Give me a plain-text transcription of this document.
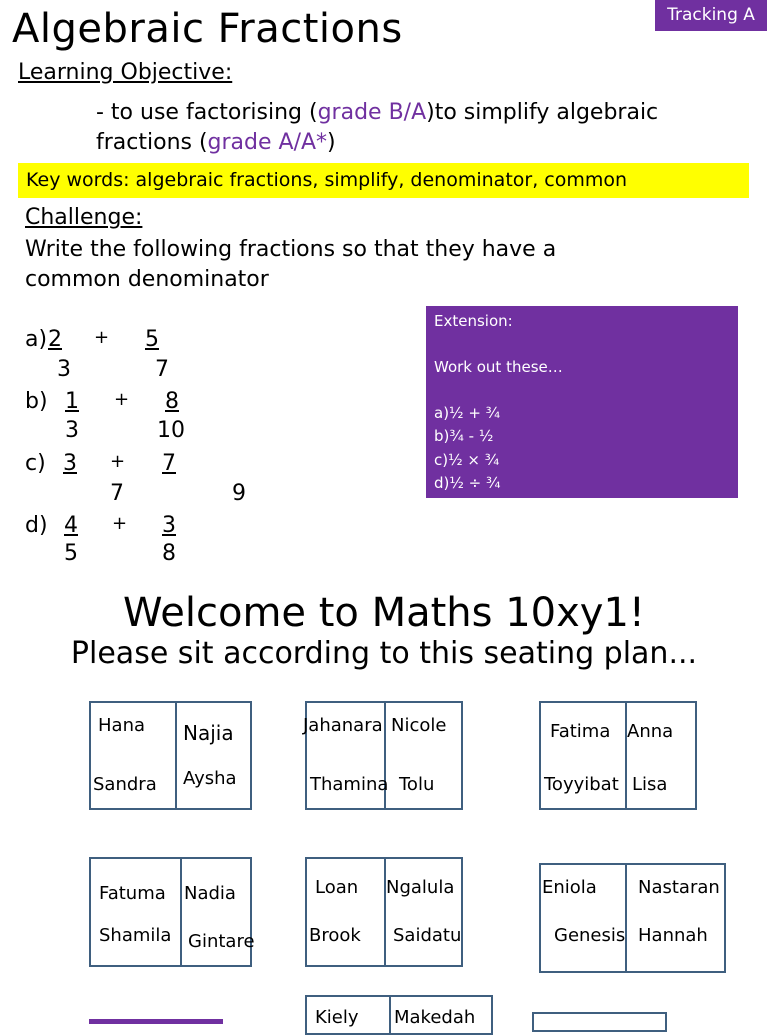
Algebraic Fractions	Tracking A
Learning Objective:
- to use factorising (grade B/A)to simplify algebraic
fractions (grade A/A*)
Key words: algebraic fractions, simplify, denominator, common
Challenge:
Write the following fractions so that they have a
common denominator
a) 2
3
+ 5
7
b) 1
3
+ 8
10
c) 3
7
+ 7
9
d) 4
5
+ 3
8
Extension:
Work out these…
a)½ + ¾
b)¾ - ½
c)½ × ¾
d)½ ÷ ¾
Welcome to Maths 10xy1!
Please sit according to this seating plan...
Hana Najia
Sandra Aysha
Jahanara Nicole
Thamina Tolu
Fatima Anna
Toyyibat Lisa
Fatuma Nadia
Shamila Gintare
Loan Ngalula
Brook Saidatu
Eniola Nastaran
Genesis Hannah
Kiely Makedah
